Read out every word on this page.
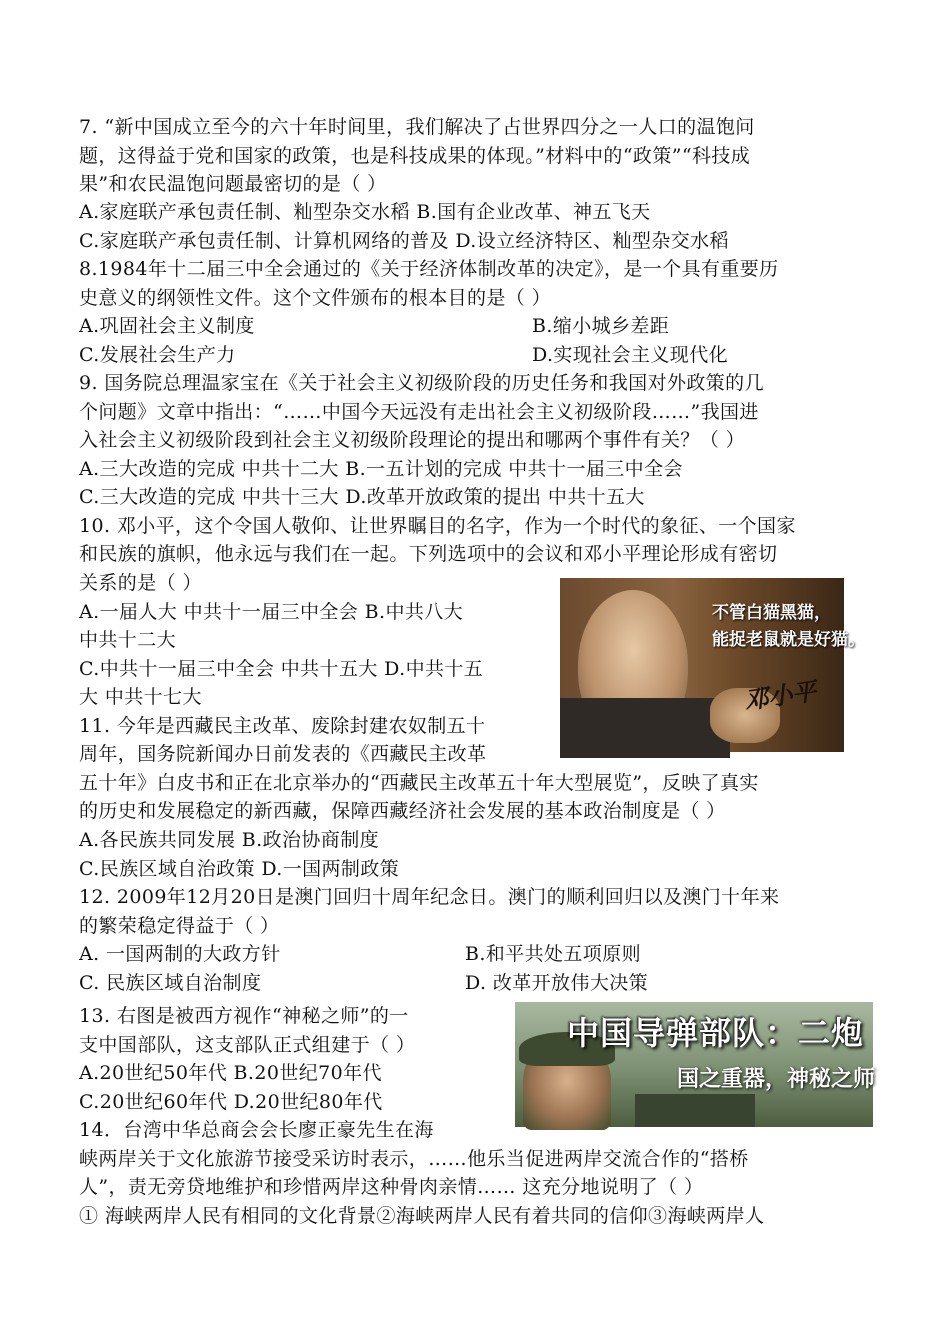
7. “新中国成立至今的六十年时间里，我们解决了占世界四分之一人口的温饱问
题，这得益于党和国家的政策，也是科技成果的体现。”材料中的“政策”“科技成
果”和农民温饱问题最密切的是（ ）
A.家庭联产承包责任制、籼型杂交水稻 B.国有企业改革、神五飞天
C.家庭联产承包责任制、计算机网络的普及 D.设立经济特区、籼型杂交水稻
8.1984年十二届三中全会通过的《关于经济体制改革的决定》，是一个具有重要历
史意义的纲领性文件。这个文件颁布的根本目的是（ ）
A.巩固社会主义制度	B.缩小城乡差距
C.发展社会生产力	D.实现社会主义现代化
9. 国务院总理温家宝在《关于社会主义初级阶段的历史任务和我国对外政策的几
个问题》文章中指出：“……中国今天远没有走出社会主义初级阶段……”我国进
入社会主义初级阶段到社会主义初级阶段理论的提出和哪两个事件有关？（ ）
A.三大改造的完成 中共十二大 B.一五计划的完成 中共十一届三中全会
C.三大改造的完成 中共十三大 D.改革开放政策的提出 中共十五大
10. 邓小平，这个令国人敬仰、让世界瞩目的名字，作为一个时代的象征、一个国家
和民族的旗帜，他永远与我们在一起。下列选项中的会议和邓小平理论形成有密切
关系的是（ ）
A.一届人大 中共十一届三中全会 B.中共八大
中共十二大
C.中共十一届三中全会 中共十五大 D.中共十五
大 中共十七大
不管白猫黑猫，
能捉老鼠就是好猫。
邓小平
11. 今年是西藏民主改革、废除封建农奴制五十
周年，国务院新闻办日前发表的《西藏民主改革
五十年》白皮书和正在北京举办的“西藏民主改革五十年大型展览”，反映了真实
的历史和发展稳定的新西藏，保障西藏经济社会发展的基本政治制度是（ ）
A.各民族共同发展 B.政治协商制度
C.民族区域自治政策 D.一国两制政策
12. 2009年12月20日是澳门回归十周年纪念日。澳门的顺利回归以及澳门十年来
的繁荣稳定得益于（ ）
A. 一国两制的大政方针	B.和平共处五项原则
C. 民族区域自治制度	D. 改革开放伟大决策
13. 右图是被西方视作“神秘之师”的一
支中国部队，这支部队正式组建于（ ）
A.20世纪50年代 B.20世纪70年代
C.20世纪60年代 D.20世纪80年代
中国导弹部队：二炮
国之重器，神秘之师
14．台湾中华总商会会长廖正豪先生在海
峡两岸关于文化旅游节接受采访时表示，……他乐当促进两岸交流合作的“搭桥
人”，责无旁贷地维护和珍惜两岸这种骨肉亲情…… 这充分地说明了（ ）
① 海峡两岸人民有相同的文化背景②海峡两岸人民有着共同的信仰③海峡两岸人
